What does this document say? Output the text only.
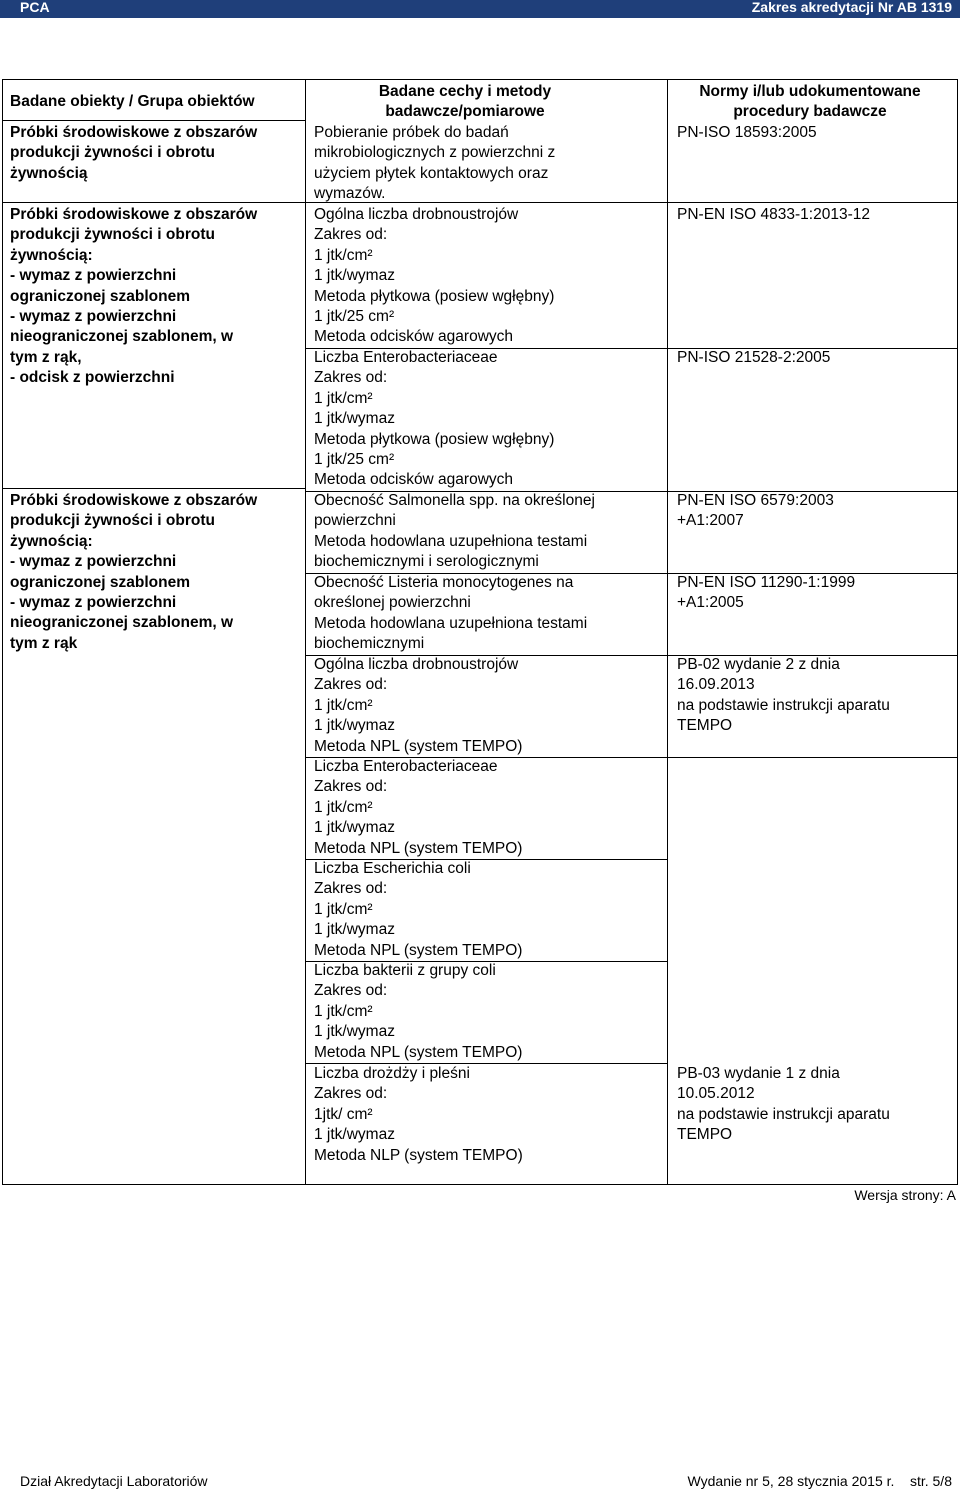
PCA	Zakres akredytacji Nr AB 1319
Badane obiekty / Grupa obiektów
Próbki środowiskowe z obszarów
produkcji żywności i obrotu
żywnością
Próbki środowiskowe z obszarów
produkcji żywności i obrotu
żywnością:
- wymaz z powierzchni
ograniczonej szablonem
- wymaz z powierzchni
nieograniczonej szablonem, w
tym z rąk,
- odcisk z powierzchni
Próbki środowiskowe z obszarów
produkcji żywności i obrotu
żywnością:
- wymaz z powierzchni
ograniczonej szablonem
- wymaz z powierzchni
nieograniczonej szablonem, w
tym z rąk
Badane cechy i metody
badawcze/pomiarowe
Pobieranie próbek do badań
mikrobiologicznych z powierzchni z
użyciem płytek kontaktowych oraz
wymazów.
Ogólna liczba drobnoustrojów
Zakres od:
1 jtk/cm²
1 jtk/wymaz
Metoda płytkowa (posiew wgłębny)
1 jtk/25 cm²
Metoda odcisków agarowych
Liczba Enterobacteriaceae
Zakres od:
1 jtk/cm²
1 jtk/wymaz
Metoda płytkowa (posiew wgłębny)
1 jtk/25 cm²
Metoda odcisków agarowych
Obecność Salmonella spp. na określonej
powierzchni
Metoda hodowlana uzupełniona testami
biochemicznymi i serologicznymi
Obecność Listeria monocytogenes na
określonej powierzchni
Metoda hodowlana uzupełniona testami
biochemicznymi
Ogólna liczba drobnoustrojów
Zakres od:
1 jtk/cm²
1 jtk/wymaz
Metoda NPL (system TEMPO)
Liczba Enterobacteriaceae
Zakres od:
1 jtk/cm²
1 jtk/wymaz
Metoda NPL (system TEMPO)
Liczba Escherichia coli
Zakres od:
1 jtk/cm²
1 jtk/wymaz
Metoda NPL (system TEMPO)
Liczba bakterii z grupy coli
Zakres od:
1 jtk/cm²
1 jtk/wymaz
Metoda NPL (system TEMPO)
Liczba drożdży i pleśni
Zakres od:
1jtk/ cm²
1 jtk/wymaz
Metoda NLP (system TEMPO)
Normy i/lub udokumentowane
procedury badawcze
PN-ISO 18593:2005
PN-EN ISO 4833-1:2013-12
PN-ISO 21528-2:2005
PN-EN ISO 6579:2003
+A1:2007
PN-EN ISO 11290-1:1999
+A1:2005
PB-02 wydanie 2 z dnia
16.09.2013
na podstawie instrukcji aparatu
TEMPO
PB-03 wydanie 1 z dnia
10.05.2012
na podstawie instrukcji aparatu
TEMPO
Wersja strony: A
Dział Akredytacji Laboratoriów	Wydanie nr 5, 28 stycznia 2015 r.    str. 5/8
